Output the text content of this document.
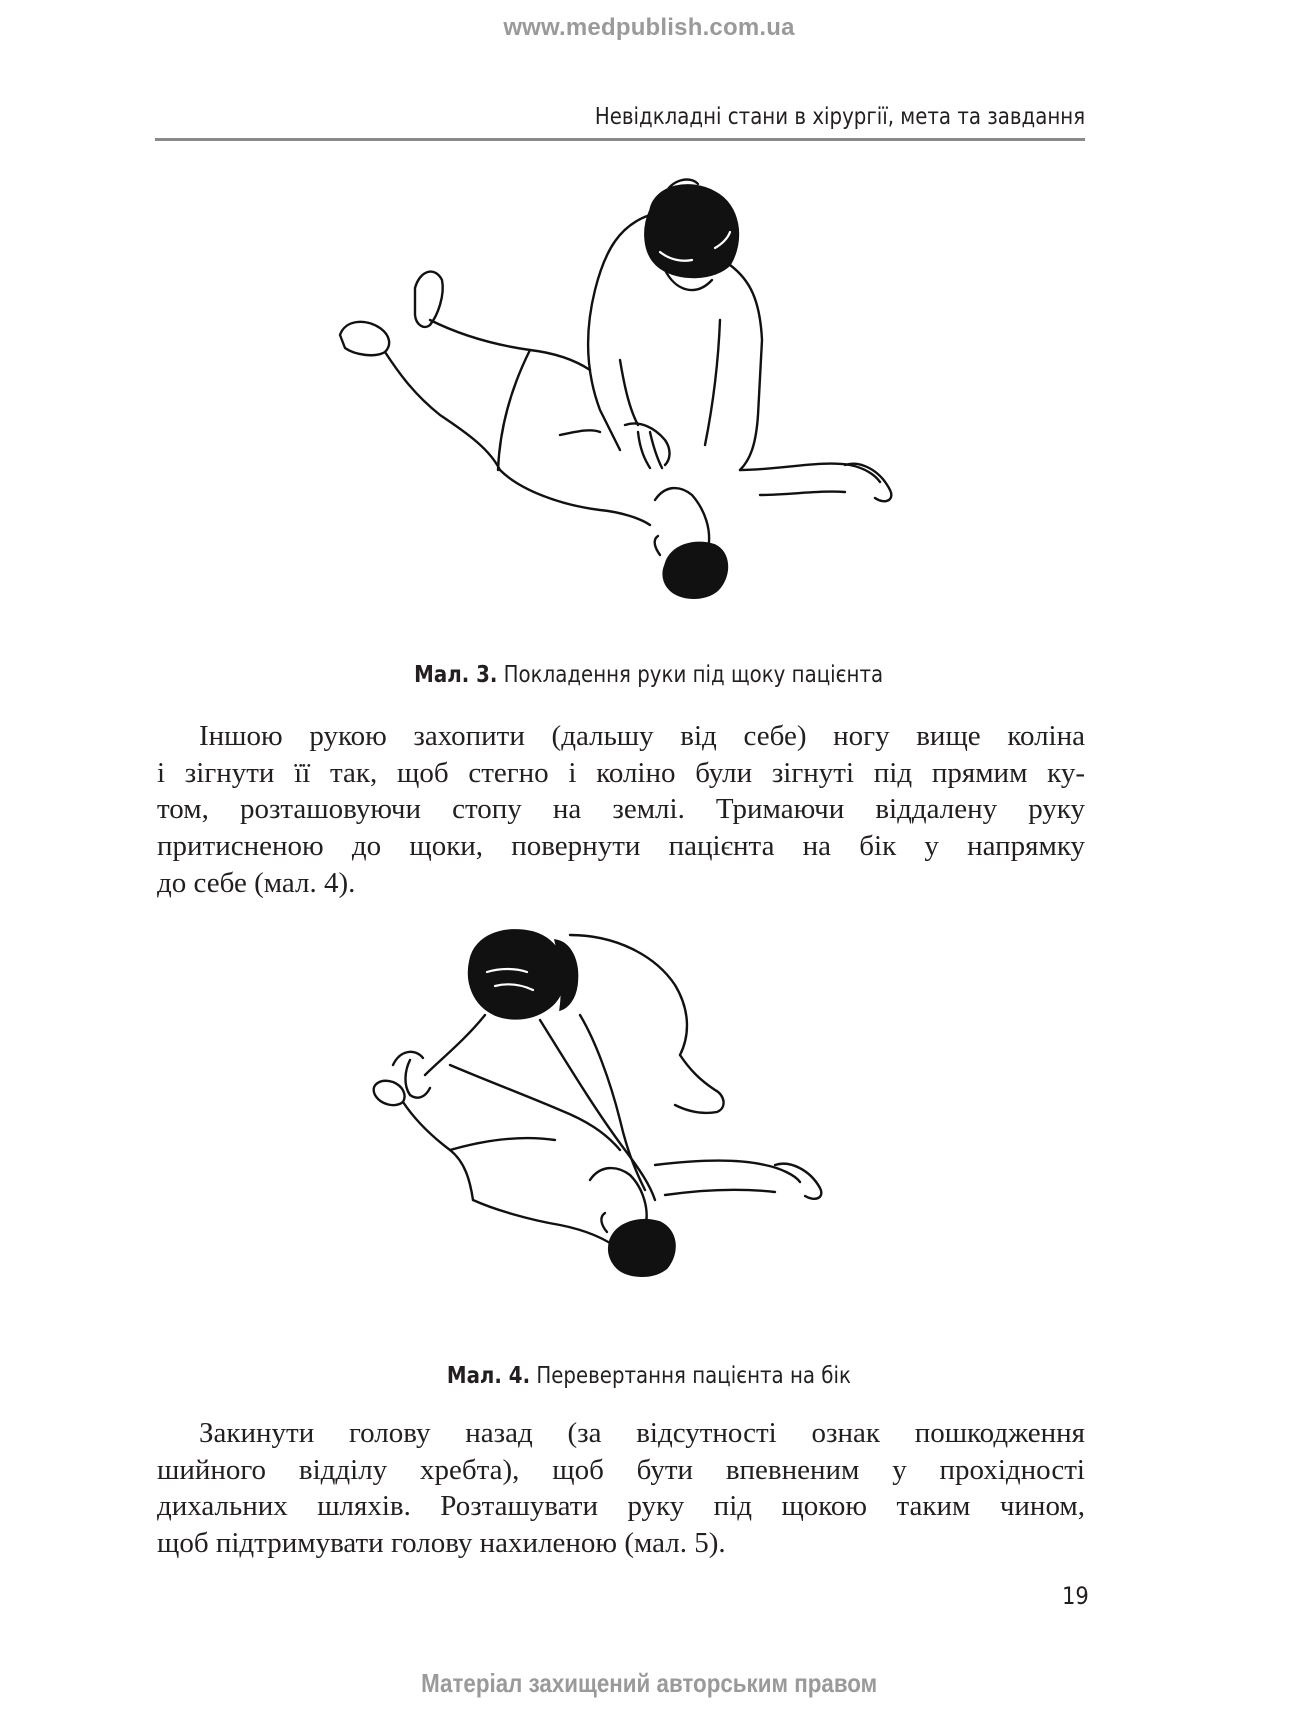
www.medpublish.com.ua
Невідкладні стани в хірургії, мета та завдання
Мал. 3. Покладення руки під щоку пацієнта
Іншою рукою захопити (дальшу від себе) ногу вище коліна
і зігнути її так, щоб стегно і коліно були зігнуті під прямим ку-
том, розташовуючи стопу на землі. Тримаючи віддалену руку
притисненою до щоки, повернути пацієнта на бік у напрямку
до себе (мал. 4).
Мал. 4. Перевертання пацієнта на бік
Закинути голову назад (за відсутності ознак пошкодження
шийного відділу хребта), щоб бути впевненим у прохідності
дихальних шляхів. Розташувати руку під щокою таким чином,
щоб підтримувати голову нахиленою (мал. 5).
19
Матеріал захищений авторським правом
